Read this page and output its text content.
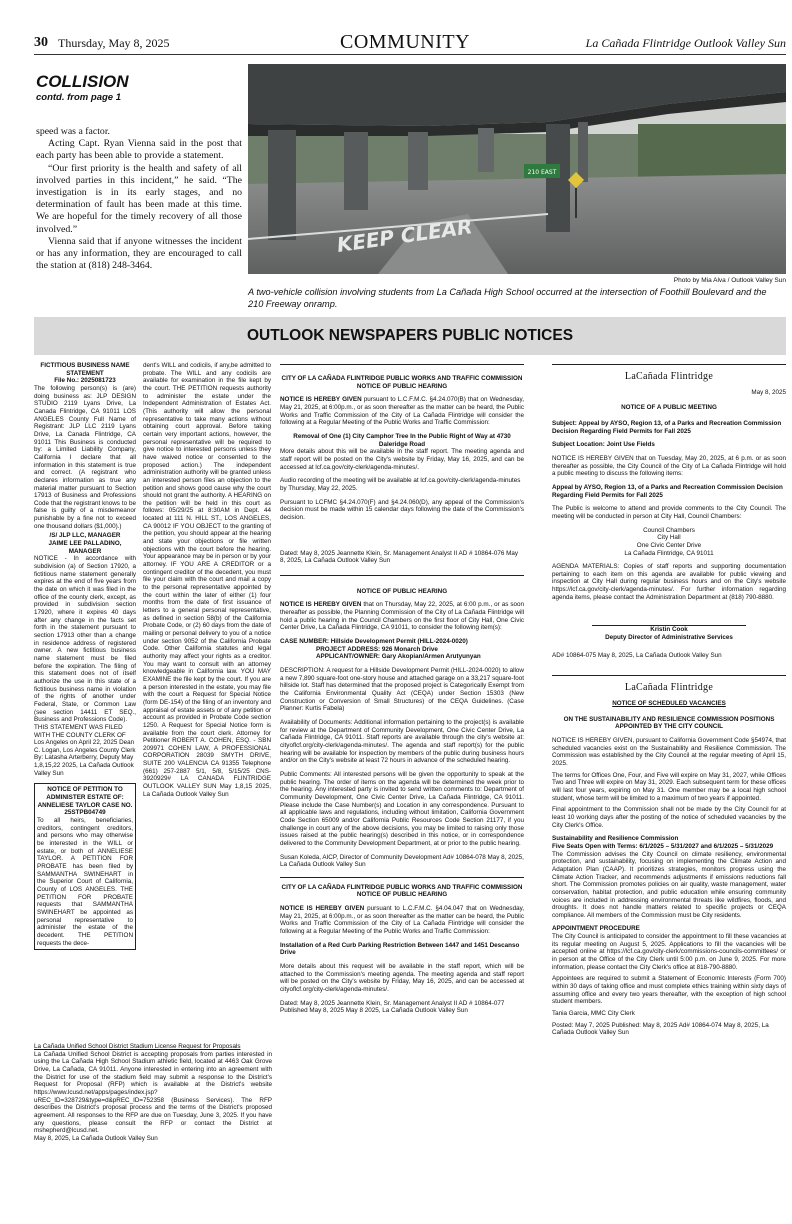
30 Thursday, May 8, 2025	COMMUNITY	La Cañada Flintridge Outlook Valley Sun
COLLISION
contd. from page 1

speed was a factor.

Acting Capt. Ryan Vienna said in the post that each party has been able to provide a statement.

“Our first priority is the health and safety of all involved parties in this incident,” he said. “The investigation is in its early stages, and no determination of fault has been made at this time. We are hopeful for the timely recovery of all those involved.”

Vienna said that if anyone witnesses the incident or has any information, they are encouraged to call the station at (818) 248-3464.

210 EAST
KEEP CLEAR
Photo by Mia Alva / Outlook Valley Sun
A two-vehicle collision involving students from La Cañada High School occurred at the intersection of Foothill Boulevard and the 210 Freeway onramp.
OUTLOOK NEWSPAPERS PUBLIC NOTICES
FICTITIOUS BUSINESS NAME STATEMENT
File No.: 2025081723

The following person(s) is (are) doing business as: JLP DESIGN STUDIO 2119 Lyans Drive, La Canada Flintridge, CA 91011 LOS ANGELES County Full Name of Registrant: JLP LLC 2119 Lyans Drive, La Canada Flintridge, CA 91011 This Business is conducted by: a Limited Liability Company, California I declare that all information in this statement is true and correct. (A registrant who declares information as true any material matter pursuant to Section 17913 of Business and Professions Code that the registrant knows to be false is guilty of a misdemeanor punishable by a fine not to exceed one thousand dollars ($1,000).)

/S/ JLP LLC, MANAGER
JAIME LEE PALLADINO, MANAGER

NOTICE - In accordance with subdivision (a) of Section 17920, a fictitious name statement generally expires at the end of five years from the date on which it was filed in the office of the county clerk, except, as provided in subdivision section 17920, where it expires 40 days after any change in the facts set forth in the statement pursuant to section 17913 other than a change in residence address of registered owner. A new fictitious business name statement must be filed before the expiration. The filing of this statement does not of itself authorize the use in this state of a fictitious business name in violation of the rights of another under Federal, State, or Common Law (see section 14411 ET SEQ., Business and Professions Code).

THIS STATEMENT WAS FILED WITH THE COUNTY CLERK OF Los Angeles on April 22, 2025 Dean C. Logan, Los Angeles County Clerk By: Latasha Arterberry, Deputy May 1,8,15,22 2025, La Cañada Outlook Valley Sun

NOTICE OF PETITION TO ADMINISTER ESTATE OF: ANNELIESE TAYLOR CASE NO. 25STPB04749

To all heirs, beneficiaries, creditors, contingent creditors, and persons who may otherwise be interested in the WILL or estate, or both of ANNELIESE TAYLOR. A PETITION FOR PROBATE has been filed by SAMMANTHA SWINEHART in the Superior Court of California, County of LOS ANGELES. THE PETITION FOR PROBATE requests that SAMMANTHA SWINEHART be appointed as personal representative to administer the estate of the decedent. THE PETITION requests the dece-

dent's WILL and codicils, if any,be admitted to probate. The WILL and any codicils are available for examination in the file kept by the court. THE PETITION requests authority to administer the estate under the Independent Administration of Estates Act. (This authority will allow the personal representative to take many actions without obtaining court approval. Before taking certain very important actions, however, the personal representative will be required to give notice to interested persons unless they have waived notice or consented to the proposed action.) The independent administration authority will be granted unless an interested person files an objection to the petition and shows good cause why the court should not grant the authority. A HEARING on the petition will be held in this court as follows: 05/29/25 at 8:30AM in Dept. 44 located at 111 N. HILL ST., LOS ANGELES, CA 90012 IF YOU OBJECT to the granting of the petition, you should appear at the hearing and state your objections or file written objections with the court before the hearing. Your appearance may be in person or by your attorney. IF YOU ARE A CREDITOR or a contingent creditor of the decedent, you must file your claim with the court and mail a copy to the personal representative appointed by the court within the later of either (1) four months from the date of first issuance of letters to a general personal representative, as defined in section 58(b) of the California Probate Code, or (2) 60 days from the date of mailing or personal delivery to you of a notice under section 9052 of the California Probate Code. Other California statutes and legal authority may affect your rights as a creditor. You may want to consult with an attorney knowledgeable in California law. YOU MAY EXAMINE the file kept by the court. If you are a person interested in the estate, you may file with the court a Request for Special Notice (form DE-154) of the filing of an inventory and appraisal of estate assets or of any petition or account as provided in Probate Code section 1250. A Request for Special Notice form is available from the court clerk. Attorney for Petitioner ROBERT A. COHEN, ESQ. - SBN 209971 COHEN LAW, A PROFESSIONAL CORPORATION 28039 SMYTH DRIVE, SUITE 200 VALENCIA CA 91355 Telephone (661) 257-2887 5/1, 5/8, 5/15/25 CNS-3920929# LA CANADA FLINTRIDGE OUTLOOK VALLEY SUN May 1,8,15 2025, La Cañada Outlook Valley Sun

La Cañada Unified School District Stadium License Request for Proposals

La Cañada Unified School District is accepting proposals from parties interested in using the La Cañada High School Stadium athletic field, located at 4463 Oak Grove Drive, La Cañada, CA 91011. Anyone interested in entering into an agreement with the District for use of the stadium field may submit a response to the District's Request for Proposal (RFP) which is available at the District's website https://www.lcusd.net/apps/pages/index.jsp?uREC_ID=328729&type=d&pREC_ID=752358 (Business Services). The RFP describes the District's proposal process and the terms of the District's proposed agreement. All responses to the RFP are due on Tuesday, June 3, 2025. If you have any questions, please consult the RFP or contact the District at mshepherd@lcusd.net.

May 8, 2025, La Cañada Outlook Valley Sun

CITY OF LA CAÑADA FLINTRIDGE PUBLIC WORKS AND TRAFFIC COMMISSION NOTICE OF PUBLIC HEARING

NOTICE IS HEREBY GIVEN pursuant to L.C.F.M.C. §4.24.070(B) that on Wednesday, May 21, 2025, at 6:00p.m., or as soon thereafter as the matter can be heard, the Public Works and Traffic Commission of the City of La Cañada Flintridge will consider the following at a Regular Meeting of the Public Works and Traffic Commission:

Removal of One (1) City Camphor Tree In the Public Right of Way at 4730 Daleridge Road

More details about this will be available in the staff report. The meeting agenda and staff report will be posted on the City's website by Friday, May 16, 2025, and can be accessed at lcf.ca.gov/city-clerk/agenda-minutes/.

Audio recording of the meeting will be available at lcf.ca.gov/city-clerk/agenda-minutes by Thursday, May 22, 2025.

Pursuant to LCFMC §4.24.070(F) and §4.24.060(D), any appeal of the Commission's decision must be made within 15 calendar days following the date of the Commission's decision.

Dated: May 8, 2025 Jeannette Klein, Sr. Management Analyst II AD # 10864-076 May 8, 2025, La Cañada Outlook Valley Sun

NOTICE OF PUBLIC HEARING

NOTICE IS HEREBY GIVEN that on Thursday, May 22, 2025, at 6:00 p.m., or as soon thereafter as possible, the Planning Commission of the City of La Cañada Flintridge will hold a public hearing in the Council Chambers on the first floor of City Hall, One Civic Center Drive, La Cañada Flintridge, CA 91011, to consider the following item(s):

CASE NUMBER: Hillside Development Permit (HILL-2024-0020)

PROJECT ADDRESS: 926 Monarch Drive

APPLICANT/OWNER: Gary Akopian/Armen Arutyunyan

DESCRIPTION: A request for a Hillside Development Permit (HILL-2024-0020) to allow a new 7,890 square-foot one-story house and attached garage on a 33,217 square-foot hillside lot. Staff has determined that the proposed project is Categorically Exempt from the California Environmental Quality Act (CEQA) under Section 15303 (New Construction or Conversion of Small Structures) of the CEQA Guidelines. (Case Planner: Kurtis Fabela)

Availability of Documents: Additional information pertaining to the project(s) is available for review at the Department of Community Development, One Civic Center Drive, La Cañada Flintridge, CA 91011. Staff reports are available through the city's website at: cityoflcf.org/city-clerk/agenda-minutes/. The agenda and staff report(s) for the public hearing will be available for inspection by members of the public during business hours and/or on the City's website at least 72 hours in advance of the scheduled hearing.

Public Comments: All interested persons will be given the opportunity to speak at the public hearing. The order of items on the agenda will be determined the week prior to the hearing. Any interested party is invited to send written comments to: Department of Community Development, One Civic Center Drive, La Cañada Flintridge, CA 91011. Please include the Case Number(s) and Location in any correspondence. Pursuant to all applicable laws and regulations, including without limitation, California Government Code Section 65009 and/or California Public Resources Code Section 21177, if you challenge in court any of the above decisions, you may be limited to raising only those issues raised at the public hearing(s) described in this notice, or in correspondence delivered to the Community Development Department, at or prior to the public hearing.

Susan Koleda, AICP, Director of Community Development Ad# 10864-078 May 8, 2025, La Cañada Outlook Valley Sun

CITY OF LA CAÑADA FLINTRIDGE PUBLIC WORKS AND TRAFFIC COMMISSION NOTICE OF PUBLIC HEARING

NOTICE IS HEREBY GIVEN pursuant to L.C.F.M.C. §4.04.047 that on Wednesday, May 21, 2025, at 6:00p.m., or as soon thereafter as the matter can be heard, the Public Works and Traffic Commission of the City of La Cañada Flintridge will consider the following at a Regular Meeting of the Public Works and Traffic Commission:

Installation of a Red Curb Parking Restriction Between 1447 and 1451 Descanso Drive

More details about this request will be available in the staff report, which will be attached to the Commission's meeting agenda. The meeting agenda and staff report will be posted on the City's website by Friday, May 16, 2025, and can be accessed at cityoflcf.org/city-clerk/agenda-minutes/.

Dated: May 8, 2025 Jeannette Klein, Sr. Management Analyst II AD # 10864-077 Published May 8, 2025 May 8 2025, La Cañada Outlook Valley Sun

LaCañada Flintridge

May 8, 2025

NOTICE OF A PUBLIC MEETING

Subject: Appeal by AYSO, Region 13, of a Parks and Recreation Commission Decision Regarding Field Permits for Fall 2025

Subject Location: Joint Use Fields

NOTICE IS HEREBY GIVEN that on Tuesday, May 20, 2025, at 6 p.m. or as soon thereafter as possible, the City Council of the City of La Cañada Flintridge will hold a public meeting to discuss the following items:

Appeal by AYSO, Region 13, of a Parks and Recreation Commission Decision Regarding Field Permits for Fall 2025

The Public is welcome to attend and provide comments to the City Council. The meeting will be conducted in person at City Hall, Council Chambers:

Council Chambers
City Hall
One Civic Center Drive
La Cañada Flintridge, CA 91011

AGENDA MATERIALS: Copies of staff reports and supporting documentation pertaining to each item on this agenda are available for public viewing and inspection at City Hall during regular business hours and on the City's website https://lcf.ca.gov/city-clerk/agenda-minutes/. For further information regarding agenda items, please contact the Administration Department at (818) 790-8880.

Kristin Cook

Deputy Director of Administrative Services

AD# 10864-075 May 8, 2025, La Cañada Outlook Valley Sun

LaCañada Flintridge

NOTICE OF SCHEDULED VACANCIES

ON THE SUSTAINABILITY AND RESILIENCE COMMISSION POSITIONS APPOINTED BY THE CITY COUNCIL

NOTICE IS HEREBY GIVEN, pursuant to California Government Code §54974, that scheduled vacancies exist on the Sustainability and Resilience Commission. The Commission was established by the City Council at the regular meeting of April 15, 2025.

The terms for Offices One, Four, and Five will expire on May 31, 2027, while Offices Two and Three will expire on May 31, 2029. Each subsequent term for these offices will last four years, expiring on May 31. One member may be a local high school student, whose term will be limited to a maximum of two years if appointed.

Final appointment to the Commission shall not be made by the City Council for at least 10 working days after the posting of the notice of scheduled vacancies by the City Clerk's Office.

Sustainability and Resilience Commission

Five Seats Open with Terms: 6/1/2025 – 5/31/2027 and 6/1/2025 – 5/31/2029

The Commission advises the City Council on climate resiliency, environmental protection, and sustainability, focusing on implementing the Climate Action and Adaptation Plan (CAAP). It prioritizes strategies, monitors progress using the Climate Action Tracker, and recommends adjustments if emissions reductions fall short. The Commission promotes policies on air quality, waste management, water conservation, habitat protection, and public education while ensuring community voices are included in addressing environmental threats like wildfires, floods, and droughts. It does not handle matters related to specific projects or CEQA compliance. All members of the Commission must be City residents.

APPOINTMENT PROCEDURE

The City Council is anticipated to consider the appointment to fill these vacancies at its regular meeting on August 5, 2025. Applications to fill the vacancies will be accepted online at https://lcf.ca.gov/city-clerk/commissions-councils-committees/ or in person at the Office of the City Clerk until 5:00 p.m. on June 9, 2025. For more information, please contact the City Clerk's office at 818-790-8880.

Appointees are required to submit a Statement of Economic Interests (Form 700) within 30 days of taking office and must complete ethics training within sixty days of assuming office and every two years thereafter, with the exception of high school student members.

Tania Garcia, MMC City Clerk

Posted: May 7, 2025 Published: May 8, 2025 Ad# 10864-074 May 8, 2025, La Cañada Outlook Valley Sun
